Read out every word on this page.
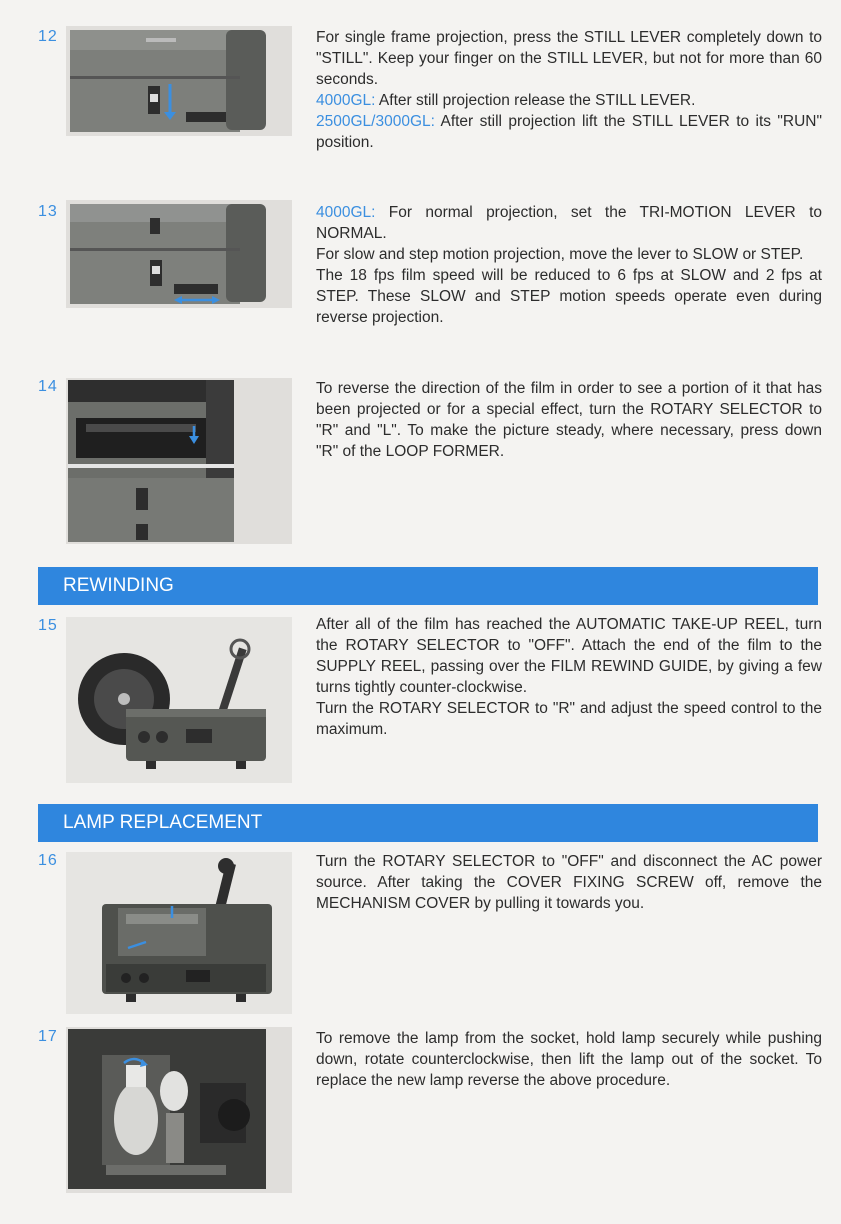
12	For single frame projection, press the STILL LEVER completely down to "STILL". Keep your finger on the STILL LEVER, but not for more than 60 seconds.

4000GL: After still projection release the STILL LEVER.

2500GL/3000GL: After still projection lift the STILL LEVER to its "RUN" position.

13	4000GL: For normal projection, set the TRI-MOTION LEVER to NORMAL.

For slow and step motion projection, move the lever to SLOW or STEP.

The 18 fps film speed will be reduced to 6 fps at SLOW and 2 fps at STEP. These SLOW and STEP motion speeds operate even during reverse projection.

14	To reverse the direction of the film in order to see a portion of it that has been projected or for a special effect, turn the ROTARY SELECTOR to "R" and "L". To make the picture steady, where necessary, press down "R" of the LOOP FORMER.

REWINDING
15	After all of the film has reached the AUTOMATIC TAKE-UP REEL, turn the ROTARY SELECTOR to "OFF". Attach the end of the film to the SUPPLY REEL, passing over the FILM REWIND GUIDE, by giving a few turns tightly counter-clockwise.

Turn the ROTARY SELECTOR to "R" and adjust the speed control to the maximum.

LAMP REPLACEMENT
16	Turn the ROTARY SELECTOR to "OFF" and disconnect the AC power source. After taking the COVER FIXING SCREW off, remove the MECHANISM COVER by pulling it towards you.

17	To remove the lamp from the socket, hold lamp securely while pushing down, rotate counterclockwise, then lift the lamp out of the socket. To replace the new lamp reverse the above procedure.
